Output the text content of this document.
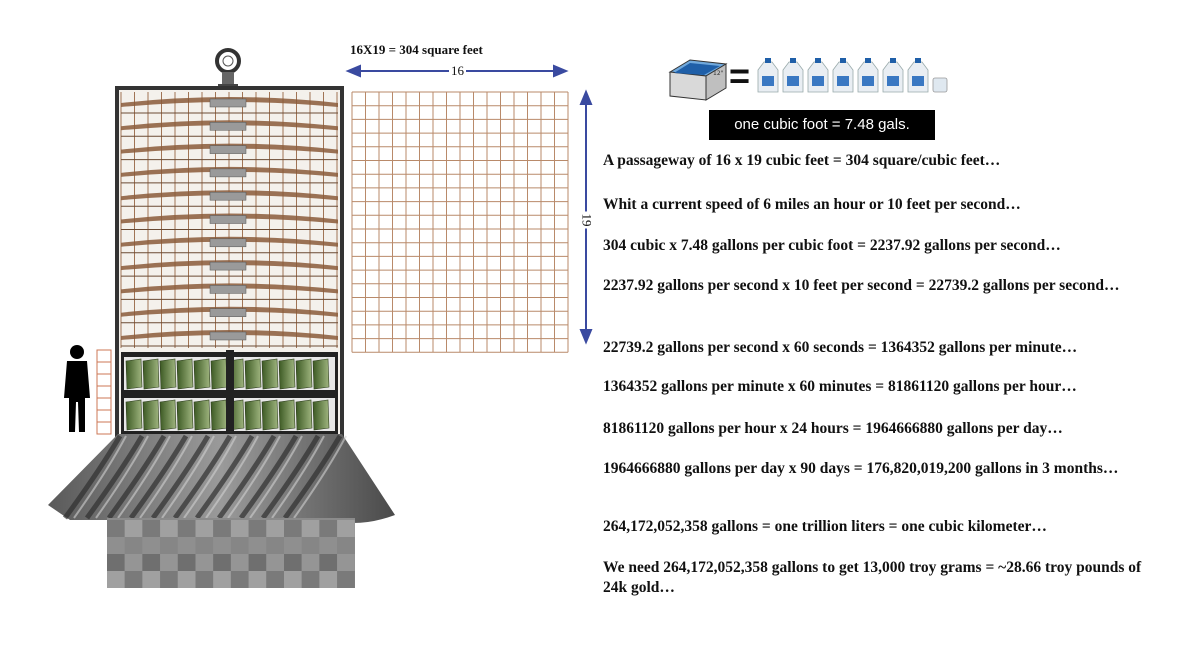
16X19 = 304 square feet
16
19
12" =
one cubic foot = 7.48 gals.
A passageway of 16 x 19 cubic feet = 304 square/cubic feet…
Whit a current speed of 6 miles an hour or 10 feet per second…
304 cubic x 7.48 gallons per cubic foot = 2237.92 gallons per second…
2237.92 gallons per second x 10 feet per second = 22739.2 gallons per second…
22739.2 gallons per second x 60 seconds = 1364352 gallons per minute…
1364352 gallons per minute x 60 minutes = 81861120 gallons per hour…
81861120 gallons per hour x 24 hours = 1964666880 gallons per day…
1964666880 gallons per day x 90 days = 176,820,019,200 gallons in 3 months…
264,172,052,358 gallons = one trillion liters = one cubic kilometer…
We need 264,172,052,358 gallons to get 13,000 troy grams = ~28.66 troy pounds of 24k gold…
